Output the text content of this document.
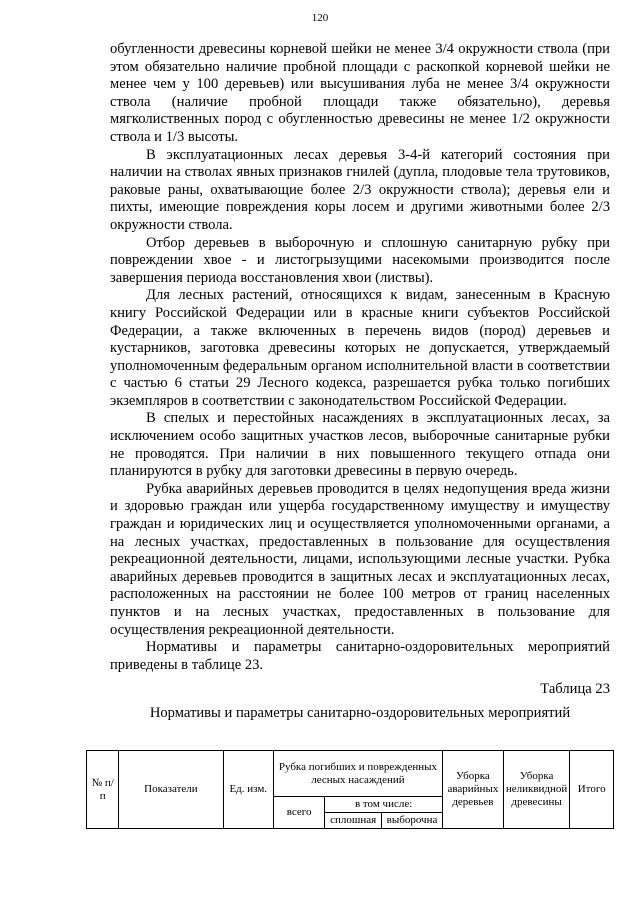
120

обугленности древесины корневой шейки не менее 3/4 окружности ствола (при этом обязательно наличие пробной площади с раскопкой корневой шейки не менее чем у 100 деревьев) или высушивания луба не менее 3/4 окружности ствола (наличие пробной площади также обязательно), деревья мягколиственных пород с обугленностью древесины не менее 1/2 окружности ствола и 1/3 высоты.

В эксплуатационных лесах деревья 3-4-й категорий состояния при наличии на стволах явных признаков гнилей (дупла, плодовые тела трутовиков, раковые раны, охватывающие более 2/3 окружности ствола); деревья ели и пихты, имеющие повреждения коры лосем и другими животными более 2/3 окружности ствола.

Отбор деревьев в выборочную и сплошную санитарную рубку при повреждении хвое - и листогрызущими насекомыми производится после завершения периода восстановления хвои (листвы).

Для лесных растений, относящихся к видам, занесенным в Красную книгу Российской Федерации или в красные книги субъектов Российской Федерации, а также включенных в перечень видов (пород) деревьев и кустарников, заготовка древесины которых не допускается, утверждаемый уполномоченным федеральным органом исполнительной власти в соответствии с частью 6 статьи 29 Лесного кодекса, разрешается рубка только погибших экземпляров в соответствии с законодательством Российской Федерации.

В спелых и перестойных насаждениях в эксплуатационных лесах, за исключением особо защитных участков лесов, выборочные санитарные рубки не проводятся. При наличии в них повышенного текущего отпада они планируются в рубку для заготовки древесины в первую очередь.

Рубка аварийных деревьев проводится в целях недопущения вреда жизни и здоровью граждан или ущерба государственному имуществу и имуществу граждан и юридических лиц и осуществляется уполномоченными органами, а на лесных участках, предоставленных в пользование для осуществления рекреационной деятельности, лицами, использующими лесные участки. Рубка аварийных деревьев проводится в защитных лесах и эксплуатационных лесах, расположенных на расстоянии не более 100 метров от границ населенных пунктов и на лесных участках, предоставленных в пользование для осуществления рекреационной деятельности.

Нормативы и параметры санитарно-оздоровительных мероприятий приведены в таблице 23.

Таблица 23

Нормативы и параметры санитарно-оздоровительных мероприятий

№ п/п	Показатели	Ед. изм.	Рубка погибших и поврежденных лесных насаждений			Уборка аварийных деревьев	Уборка неликвидной древесины	Итого
			всего	в том числе:				
				сплошная	выборочна			
